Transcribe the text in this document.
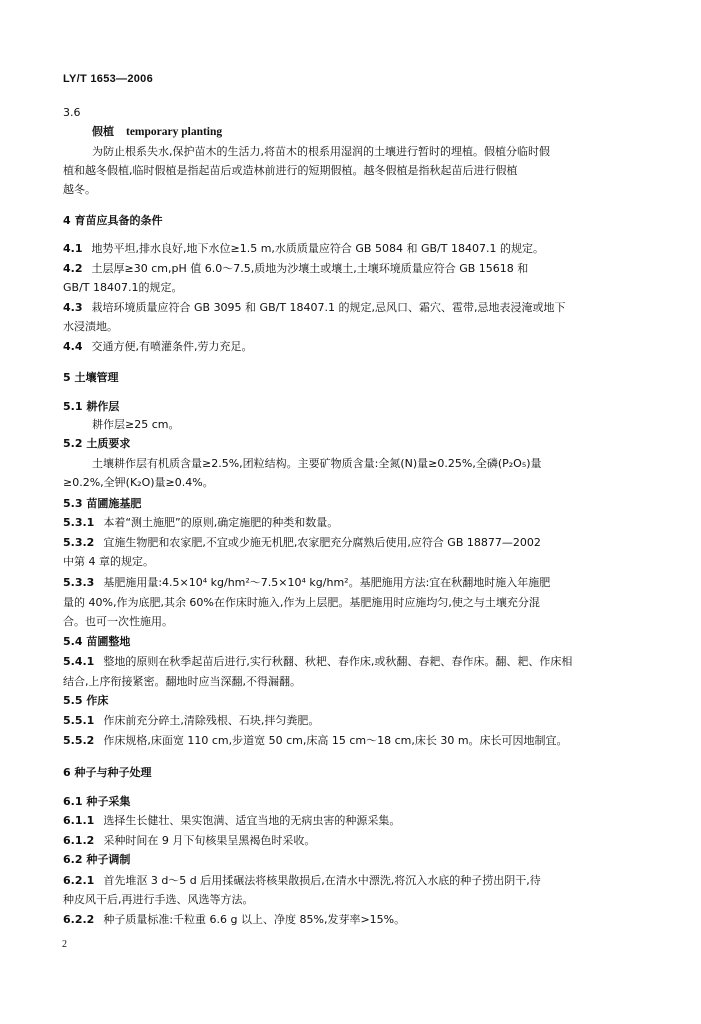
LY/T 1653—2006
3.6
假植 temporary planting
为防止根系失水,保护苗木的生活力,将苗木的根系用湿润的土壤进行暂时的埋植。假植分临时假
植和越冬假植,临时假植是指起苗后或造林前进行的短期假植。越冬假植是指秋起苗后进行假植
越冬。
4 育苗应具备的条件
4.1 地势平坦,排水良好,地下水位≥1.5 m,水质质量应符合 GB 5084 和 GB/T 18407.1 的规定。
4.2 土层厚≥30 cm,pH 值 6.0～7.5,质地为沙壤土或壤土,土壤环境质量应符合 GB 15618 和
GB/T 18407.1的规定。
4.3 栽培环境质量应符合 GB 3095 和 GB/T 18407.1 的规定,忌风口、霜穴、雹带,忌地表浸淹或地下
水浸渍地。
4.4 交通方便,有喷灌条件,劳力充足。
5 土壤管理
5.1 耕作层
耕作层≥25 cm。
5.2 土质要求
土壤耕作层有机质含量≥2.5%,团粒结构。主要矿物质含量:全氮(N)量≥0.25%,全磷(P₂O₅)量
≥0.2%,全钾(K₂O)量≥0.4%。
5.3 苗圃施基肥
5.3.1 本着“测土施肥”的原则,确定施肥的种类和数量。
5.3.2 宜施生物肥和农家肥,不宜或少施无机肥,农家肥充分腐熟后使用,应符合 GB 18877—2002
中第 4 章的规定。
5.3.3 基肥施用量:4.5×10⁴ kg/hm²～7.5×10⁴ kg/hm²。基肥施用方法:宜在秋翻地时施入年施肥
量的 40%,作为底肥,其余 60%在作床时施入,作为上层肥。基肥施用时应施均匀,使之与土壤充分混
合。也可一次性施用。
5.4 苗圃整地
5.4.1 整地的原则在秋季起苗后进行,实行秋翻、秋耙、春作床,或秋翻、春耙、春作床。翻、耙、作床相
结合,上序衔接紧密。翻地时应当深翻,不得漏翻。
5.5 作床
5.5.1 作床前充分碎土,清除残根、石块,拌匀粪肥。
5.5.2 作床规格,床面宽 110 cm,步道宽 50 cm,床高 15 cm～18 cm,床长 30 m。床长可因地制宜。
6 种子与种子处理
6.1 种子采集
6.1.1 选择生长健壮、果实饱满、适宜当地的无病虫害的种源采集。
6.1.2 采种时间在 9 月下旬核果呈黑褐色时采收。
6.2 种子调制
6.2.1 首先堆沤 3 d～5 d 后用揉碾法将核果散损后,在清水中漂洗,将沉入水底的种子捞出阴干,待
种皮风干后,再进行手选、风选等方法。
6.2.2 种子质量标准:千粒重 6.6 g 以上、净度 85%,发芽率>15%。
2
